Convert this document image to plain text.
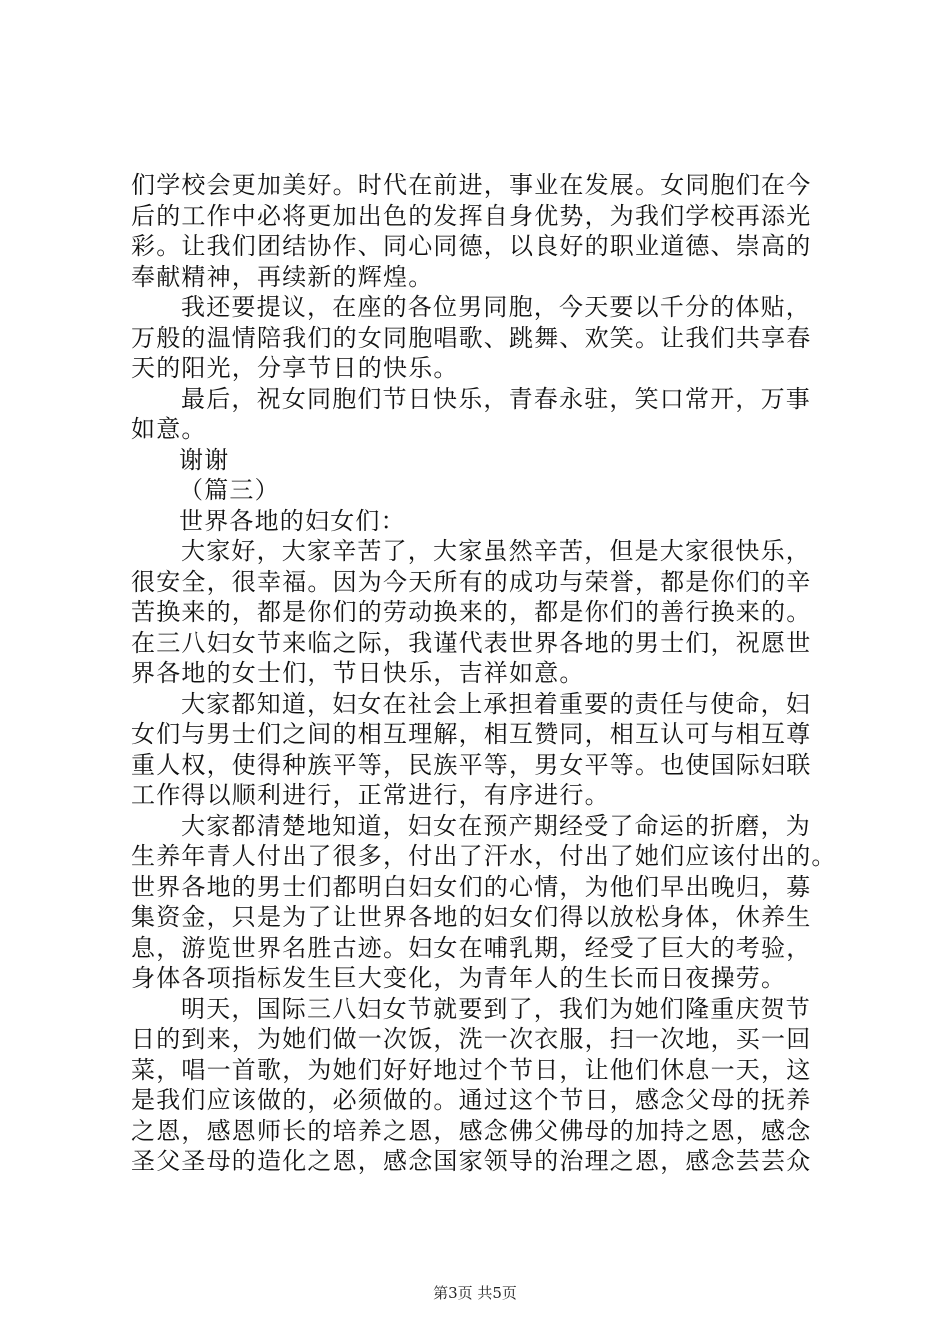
们学校会更加美好。时代在前进，事业在发展。女同胞们在今
后的工作中必将更加出色的发挥自身优势，为我们学校再添光
彩。让我们团结协作、同心同德，以良好的职业道德、崇高的
奉献精神，再续新的辉煌。
我还要提议，在座的各位男同胞，今天要以千分的体贴，
万般的温情陪我们的女同胞唱歌、跳舞、欢笑。让我们共享春
天的阳光，分享节日的快乐。
最后，祝女同胞们节日快乐，青春永驻，笑口常开，万事
如意。
谢谢
（篇三）
世界各地的妇女们：
大家好，大家辛苦了，大家虽然辛苦，但是大家很快乐，
很安全，很幸福。因为今天所有的成功与荣誉，都是你们的辛
苦换来的，都是你们的劳动换来的，都是你们的善行换来的。
在三八妇女节来临之际，我谨代表世界各地的男士们，祝愿世
界各地的女士们，节日快乐，吉祥如意。
大家都知道，妇女在社会上承担着重要的责任与使命，妇
女们与男士们之间的相互理解，相互赞同，相互认可与相互尊
重人权，使得种族平等，民族平等，男女平等。也使国际妇联
工作得以顺利进行，正常进行，有序进行。
大家都清楚地知道，妇女在预产期经受了命运的折磨，为
生养年青人付出了很多，付出了汗水，付出了她们应该付出的。
世界各地的男士们都明白妇女们的心情，为他们早出晚归，募
集资金，只是为了让世界各地的妇女们得以放松身体，休养生
息，游览世界名胜古迹。妇女在哺乳期，经受了巨大的考验，
身体各项指标发生巨大变化，为青年人的生长而日夜操劳。
明天，国际三八妇女节就要到了，我们为她们隆重庆贺节
日的到来，为她们做一次饭，洗一次衣服，扫一次地，买一回
菜，唱一首歌，为她们好好地过个节日，让他们休息一天，这
是我们应该做的，必须做的。通过这个节日，感念父母的抚养
之恩，感恩师长的培养之恩，感念佛父佛母的加持之恩，感念
圣父圣母的造化之恩，感念国家领导的治理之恩，感念芸芸众
第3页 共5页
